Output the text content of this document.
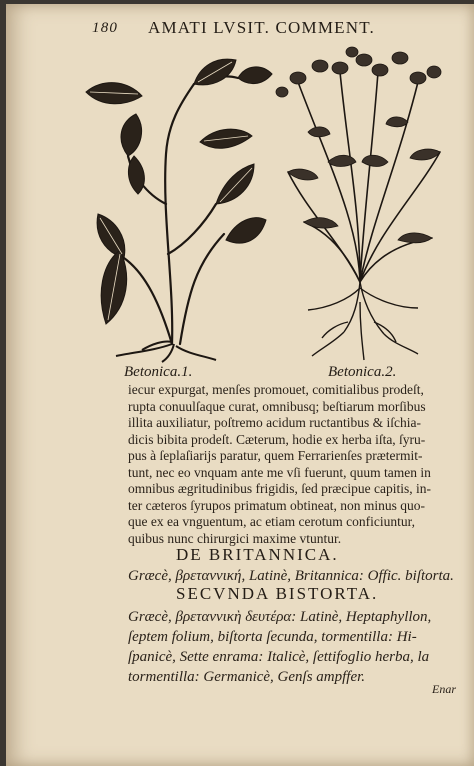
180 AMATI LVSIT. COMMENT.
Betonica.1.	Betonica.2.
iecur expurgat, menſes promouet, comitialibus prodeſt,
rupta conuulſaque curat, omnibusq; beſtiarum morſibus
illita auxiliatur, poſtremo acidum ructantibus & iſchia-
dicis bibita prodeſt. Cæterum, hodie ex herba iſta, ſyru-
pus à ſeplaſiarijs paratur, quem Ferrarienſes prætermit-
tunt, nec eo vnquam ante me vſi fuerunt, quum tamen in
omnibus ægritudinibus frigidis, ſed præcipue capitis, in-
ter cæteros ſyrupos primatum obtineat, non minus quo-
que ex ea vnguentum, ac etiam cerotum conficiuntur,
quibus nunc chirurgici maxime vtuntur.
DE BRITANNICA.
Græcè, βρεταννική, Latinè, Britannica: Offic. biſtorta.
SECVNDA BISTORTA.
Græcè, βρεταννικὴ δευτέρα: Latinè, Heptaphyllon,
ſeptem folium, biſtorta ſecunda, tormentilla: Hi-
ſpanicè, Sette enrama: Italicè, ſettifoglio herba, la
tormentilla: Germanicè, Genſs ampffer.
Enar
